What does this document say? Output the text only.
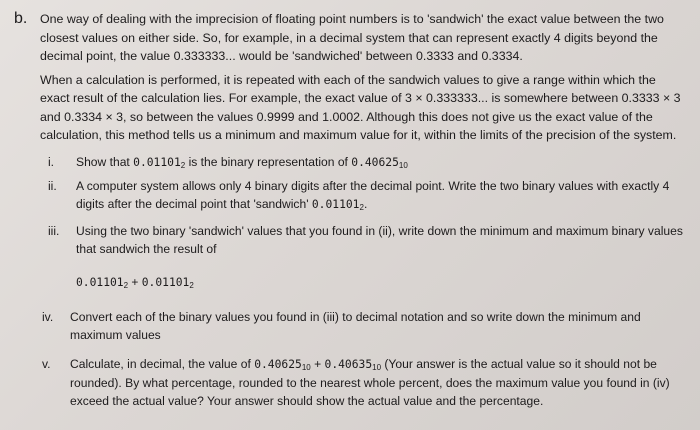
b.	One way of dealing with the imprecision of floating point numbers is to 'sandwich' the exact value between the two closest values on either side. So, for example, in a decimal system that can represent exactly 4 digits beyond the decimal point, the value 0.333333... would be 'sandwiched' between 0.3333 and 0.3334.

When a calculation is performed, it is repeated with each of the sandwich values to give a range within which the exact result of the calculation lies. For example, the exact value of 3 × 0.333333... is somewhere between 0.3333 × 3 and 0.3334 × 3, so between the values 0.9999 and 1.0002. Although this does not give us the exact value of the calculation, this method tells us a minimum and maximum value for it, within the limits of the precision of the system.

i.	Show that $0.01101_2$ is the binary representation of $0.40625_{10}$
ii.	A computer system allows only 4 binary digits after the decimal point. Write the two binary values with exactly 4 digits after the decimal point that 'sandwich' $0.01101_2$.
iii.	Using the two binary 'sandwich' values that you found in (ii), write down the minimum and maximum binary values that sandwich the result of
$0.01101_2 + 0.01101_2$
iv.	Convert each of the binary values you found in (iii) to decimal notation and so write down the minimum and maximum values
v.	Calculate, in decimal, the value of $0.40625_{10} + 0.40635_{10}$ (Your answer is the actual value so it should not be rounded). By what percentage, rounded to the nearest whole percent, does the maximum value you found in (iv) exceed the actual value? Your answer should show the actual value and the percentage.
